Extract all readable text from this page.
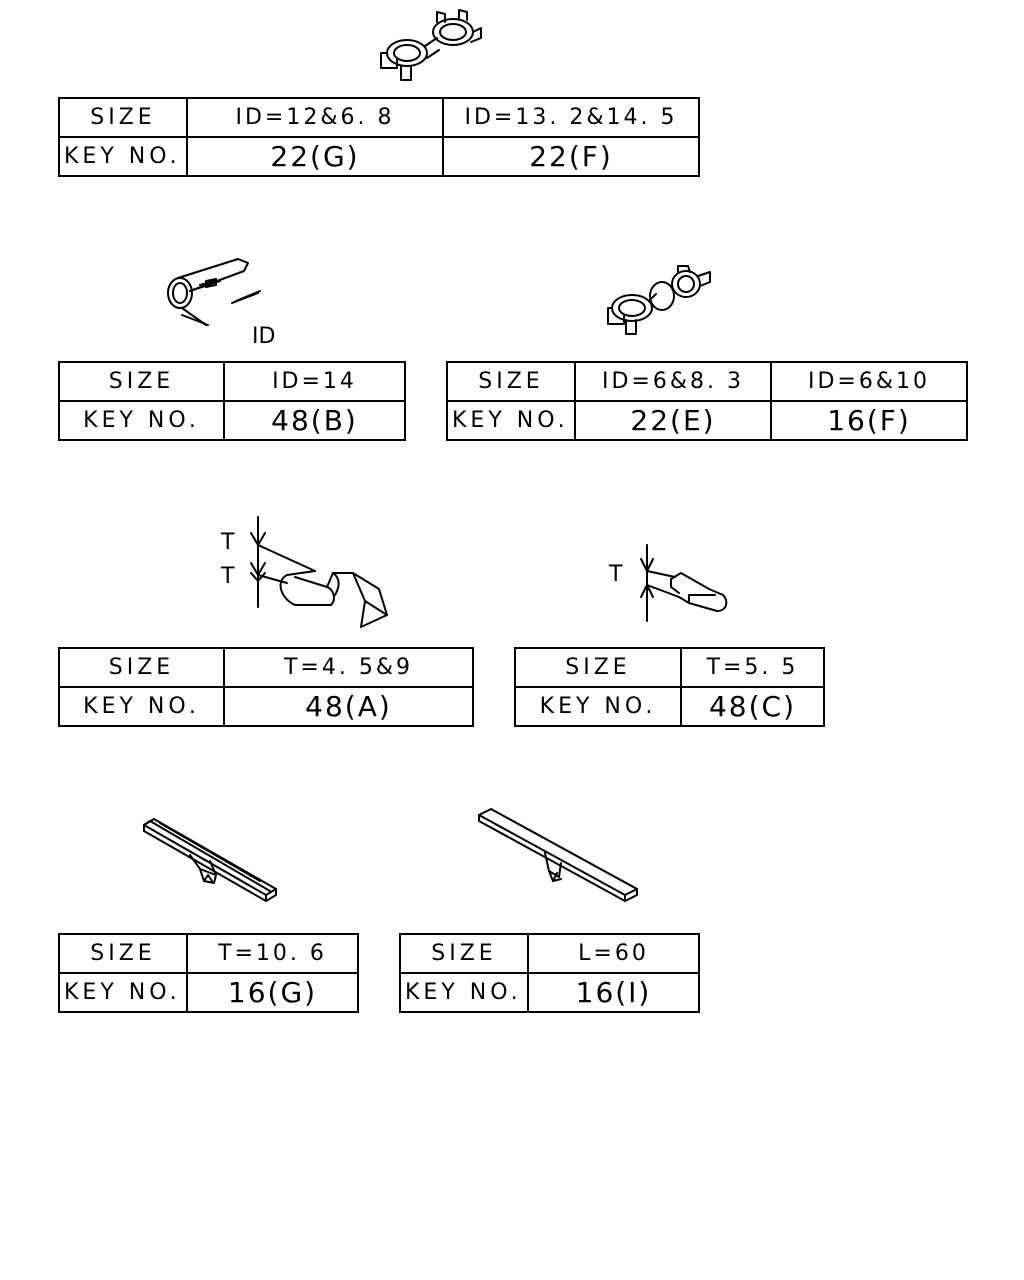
SIZE	ID=12&6. 8	ID=13. 2&14. 5
KEY NO.	22(G)	22(F)
ID
SIZE	ID=14
KEY NO.	48(B)
SIZE	ID=6&8. 3	ID=6&10
KEY NO.	22(E)	16(F)
T
T
SIZE	T=4. 5&9
KEY NO.	48(A)
T
SIZE	T=5. 5
KEY NO.	48(C)
SIZE	T=10. 6
KEY NO.	16(G)
SIZE	L=60
KEY NO.	16(I)
